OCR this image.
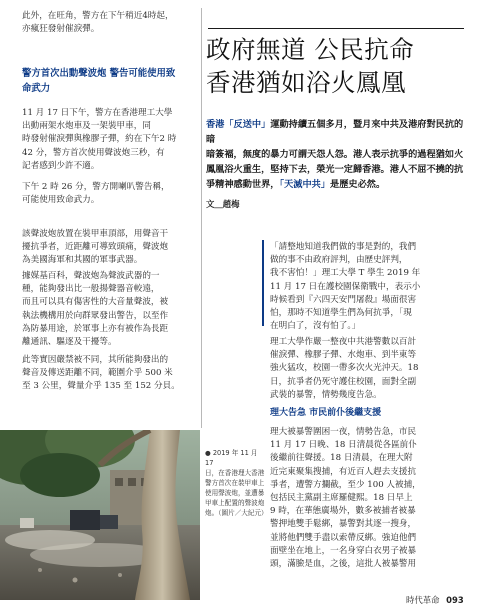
此外，在旺角，警方在下午稍近4時起，
亦瘋狂發射催淚彈。

警方首次出動聲波炮 警告可能使用致
命武力

11 月 17 日下午，警方在香港理工大學
出動兩架水炮車及一架裝甲車，同
時發射催淚彈與橡膠子彈，約在下午2 時
42 分，警方首次使用聲波炮三秒，有
記者感到少許不適。

下午 2 時 26 分，警方開喇叭警告稱，
可能使用致命武力。

該聲波炮放置在裝甲車頂部，用聲音干
擾抗爭者，近距離可導致頭痛，聲波炮
為美國海軍和其國的軍事武器。

據媒基百科，聲波炮為聲波武器的一
種，能夠發出比一般揚聲器音較遠，
而且可以具有傷害性的大音量聲波，被
執法機構用於向群眾發出警告，以至作
為防暴用途，於軍事上亦有被作為長距
離通訊、驅逐及干擾等。

此等實因嚴禁被不同，其所能夠發出的
聲音及傳送距離不同，範圍介乎 500 米
至 3 公里，聲量介乎 135 至 152 分貝。

政府無道 公民抗命

香港猶如浴火鳳凰

香港「反送中」運動持續五個多月，暨月來中共及港府對民抗的暗

暗簽褔，無度的暴力可謂天怨人怨。港人表示抗爭的過程猶如火

鳳凰浴火重生，堅持下去，榮光一定歸香港。港人不屈不撓的抗

爭精神感動世界，「天滅中共」是歷史必然。

文＿趙梅

「請整地知道我們做的事是對的，我們
做的事不由政府評判，由歷史評判，
我不害怕！」理工大學 T 學生 2019 年
11 月 17 日在護校園保衛戰中，表示小
時候看到『六四天安門屠殺』場面很害
怕，那時不知道學生們為何抗爭，「現
在明白了，沒有怕了。」

理工大學作嚴一整夜中共港警數以百計
催淚彈、橡膠子彈、水炮車、到半東等
強火猛攻，校園一帶多次火光沖天。18
日，抗爭者仍死守護住校園，面對全副
武裝的暴警，情勢幾度告急。

理大告急 市民前仆後繼支援

理大被暴警圍困一夜，情勢告急，市民
11 月 17 日晚、18 日清晨從各區前仆
後繼前往聲援。18 日清晨，在理大附
近完東聚集搜捕，有近百人趕去支援抗
爭者，遭警方攔截，至少 100 人被捕，
包括民主黨副主席羅健熙。18 日早上
9 時，在華態廣場外，數多被捕者被暴
警押地雙手鬆綁，暴警對其逐一搜身，
並將他們雙手盡以索帶反綁。強迫他們
面壁坐在地上，一名身穿白衣男子被暴
頭，滿臉是血，之後，這批人被暴警用

● 2019 年 11 月 17
日，在香港理大香港
警方首次在裝甲車上
使用聲波炮，並遭暴
甲車上配置的聲波炮
炮。（圖片／大紀元）

時代革命 093
